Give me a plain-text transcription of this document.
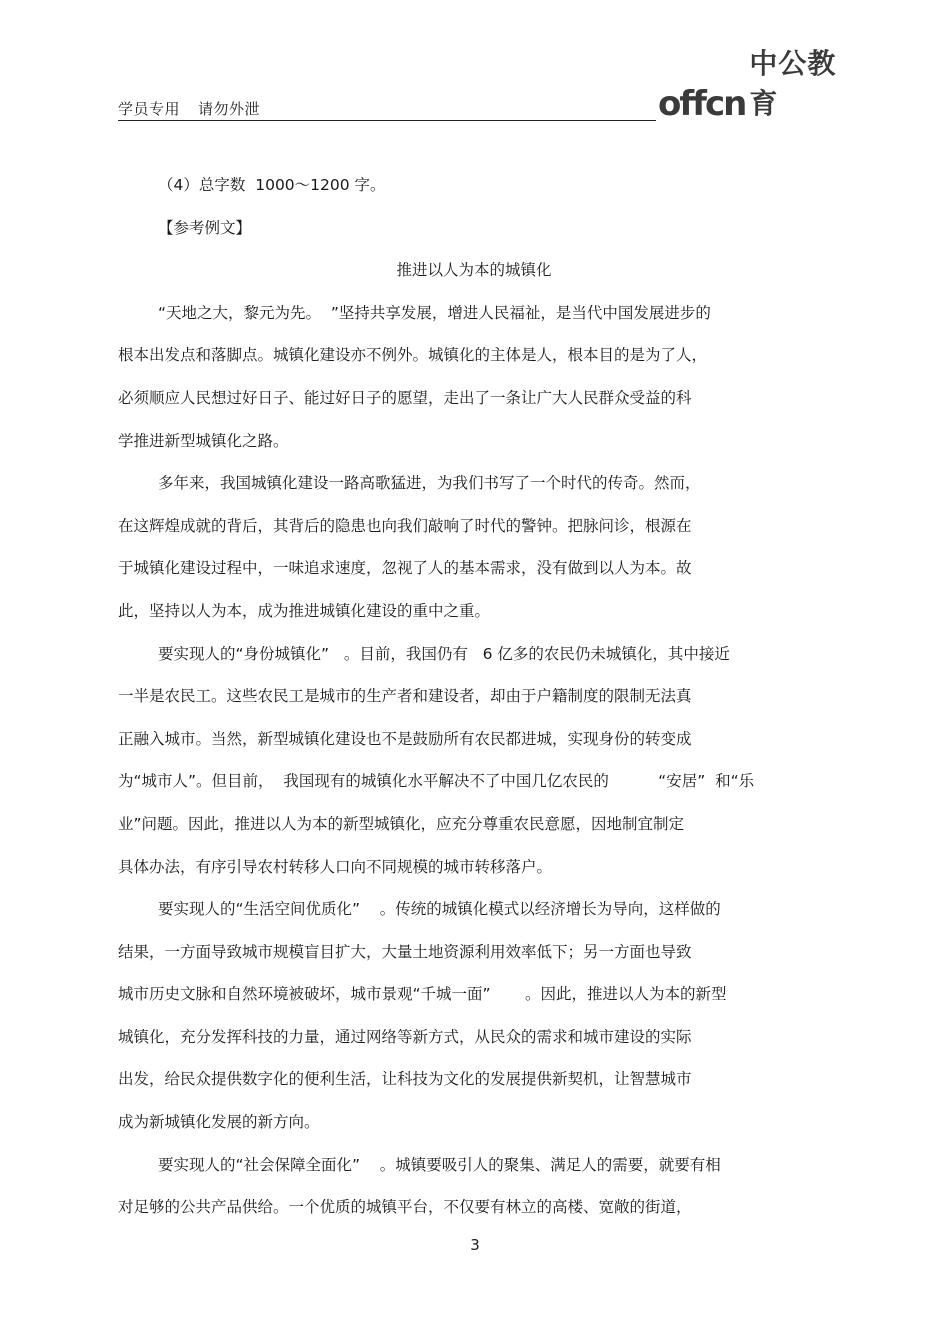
学员专用 请勿外泄	offcn
中公教育
（4）总字数  1000～1200 字。
【参考例文】
推进以人为本的城镇化
“天地之大，黎元为先。  ”坚持共享发展，增进人民福祉，是当代中国发展进步的
根本出发点和落脚点。城镇化建设亦不例外。城镇化的主体是人，根本目的是为了人，
必须顺应人民想过好日子、能过好日子的愿望，走出了一条让广大人民群众受益的科
学推进新型城镇化之路。
多年来，我国城镇化建设一路高歌猛进，为我们书写了一个时代的传奇。然而，
在这辉煌成就的背后，其背后的隐患也向我们敲响了时代的警钟。把脉问诊，根源在
于城镇化建设过程中，一味追求速度，忽视了人的基本需求，没有做到以人为本。故
此，坚持以人为本，成为推进城镇化建设的重中之重。
要实现人的“身份城镇化”   。目前，我国仍有   6 亿多的农民仍未城镇化，其中接近
一半是农民工。这些农民工是城市的生产者和建设者，却由于户籍制度的限制无法真
正融入城市。当然，新型城镇化建设也不是鼓励所有农民都进城，实现身份的转变成
为“城市人”。但目前，  我国现有的城镇化水平解决不了中国几亿农民的          “安居”  和“乐
业”问题。因此，推进以人为本的新型城镇化，应充分尊重农民意愿，因地制宜制定
具体办法，有序引导农村转移人口向不同规模的城市转移落户。
要实现人的“生活空间优质化”    。传统的城镇化模式以经济增长为导向，这样做的
结果，一方面导致城市规模盲目扩大，大量土地资源利用效率低下；另一方面也导致
城市历史文脉和自然环境被破坏，城市景观“千城一面”       。因此，推进以人为本的新型
城镇化，充分发挥科技的力量，通过网络等新方式，从民众的需求和城市建设的实际
出发，给民众提供数字化的便利生活，让科技为文化的发展提供新契机，让智慧城市
成为新城镇化发展的新方向。
要实现人的“社会保障全面化”    。城镇要吸引人的聚集、满足人的需要，就要有相
对足够的公共产品供给。一个优质的城镇平台，不仅要有林立的高楼、宽敞的街道，
3
